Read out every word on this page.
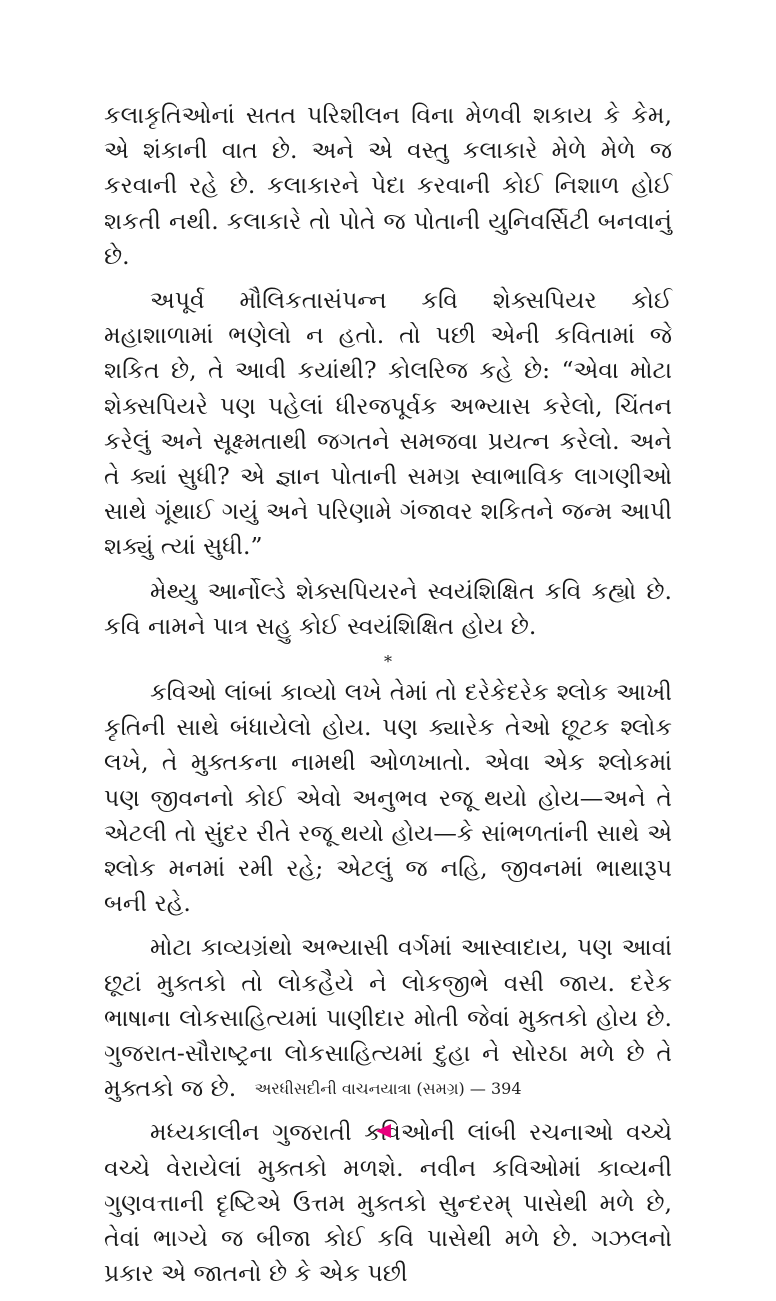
કલાકૃતિઓનાં સતત પરિશીલન વિના મેળવી શકાય કે કેમ, એ શંકાની વાત છે. અને એ વસ્તુ કલાકારે મેળે મેળે જ કરવાની રહે છે. કલાકારને પેદા કરવાની કોઈ નિશાળ હોઈ શકતી નથી. કલાકારે તો પોતે જ પોતાની યુનિવર્સિટી બનવાનું છે.

અપૂર્વ મૌલિકતાસંપન્ન કવિ શેક્સપિયર કોઈ મહાશાળામાં ભણેલો ન હતો. તો પછી એની કવિતામાં જે શકિત છે, તે આવી કયાંથી? કોલરિજ કહે છે: “એવા મોટા શેક્સપિયરે પણ પહેલાં ધીરજપૂર્વક અભ્યાસ કરેલો, ચિંતન કરેલું અને સૂક્ષ્મતાથી જગતને સમજવા પ્રયત્ન કરેલો. અને તે ક્યાં સુધી? એ જ્ઞાન પોતાની સમગ્ર સ્વાભાવિક લાગણીઓ સાથે ગૂંથાઈ ગયું અને પરિણામે ગંજાવર શકિતને જન્મ આપી શક્યું ત્યાં સુધી.”

મેથ્યુ આર્નોલ્ડે શેક્સપિયરને સ્વયંશિક્ષિત કવિ કહ્યો છે. કવિ નામને પાત્ર સહુ કોઈ સ્વયંશિક્ષિત હોય છે.

*

કવિઓ લાંબાં કાવ્યો લખે તેમાં તો દરેકેદરેક શ્લોક આખી કૃતિની સાથે બંધાયેલો હોય. પણ ક્યારેક તેઓ છૂટક શ્લોક લખે, તે મુક્તકના નામથી ઓળખાતો. એવા એક શ્લોકમાં પણ જીવનનો કોઈ એવો અનુભવ રજૂ થયો હોય—અને તે એટલી તો સુંદર રીતે રજૂ થયો હોય—કે સાંભળતાંની સાથે એ શ્લોક મનમાં રમી રહે; એટલું જ નહિ, જીવનમાં ભાથારૂપ બની રહે.

મોટા કાવ્યગ્રંથો અભ્યાસી વર્ગમાં આસ્વાદાય, પણ આવાં છૂટાં મુક્તકો તો લોકહૈયે ને લોકજીભે વસી જાય. દરેક ભાષાના લોકસાહિત્યમાં પાણીદાર મોતી જેવાં મુક્તકો હોય છે. ગુજરાત-સૌરાષ્ટ્રના લોકસાહિત્યમાં દુહા ને સોરઠા મળે છે તે મુક્તકો જ છે.

મધ્યકાલીન ગુજરાતી કવિઓની લાંબી રચનાઓ વચ્ચે વચ્ચે વેરાયેલાં મુક્તકો મળશે. નવીન કવિઓમાં કાવ્યની ગુણવત્તાની દૃષ્ટિએ ઉત્તમ મુક્તકો સુન્દરમ્ પાસેથી મળે છે, તેવાં ભાગ્યે જ બીજા કોઈ કવિ પાસેથી મળે છે. ગઝલનો પ્રકાર એ જાતનો છે કે એક પછી

અરધીસદીની વાચનયાત્રા (સમગ્ર) — 394
